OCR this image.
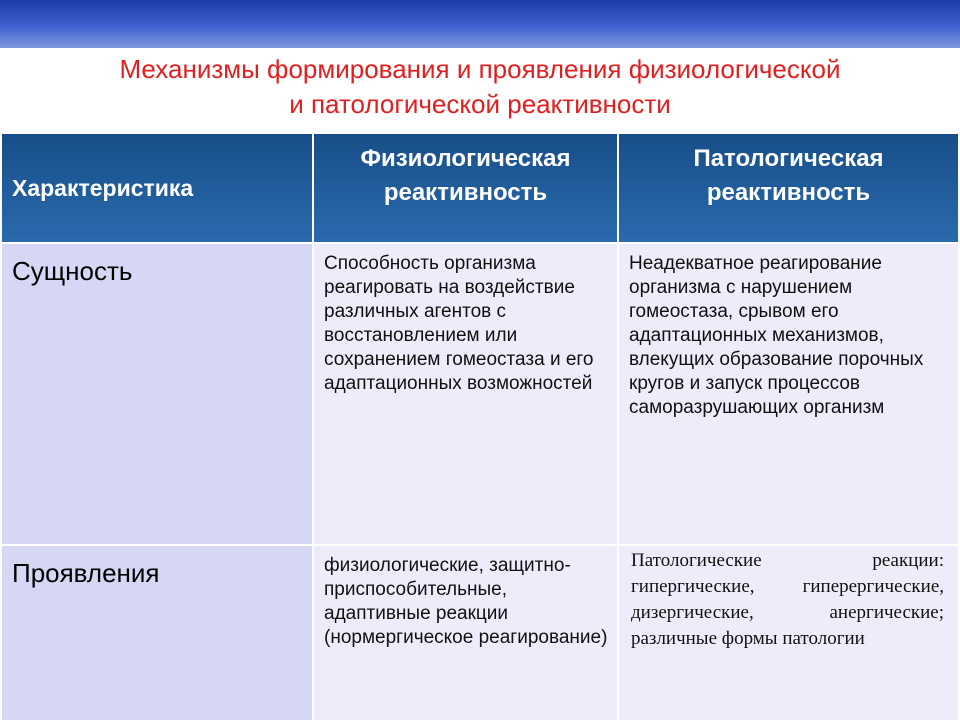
Механизмы формирования и проявления физиологической
и патологической реактивности
Характеристика	Физиологическая реактивность	Патологическая реактивность
Сущность	Способность организма реагировать на воздействие различных агентов с восстановлением или сохранением гомеостаза и его адаптационных возможностей	Неадекватное реагирование организма с нарушением гомеостаза, срывом его адаптационных механизмов, влекущих образование порочных кругов и запуск процессов саморазрушающих организм

Проявления	физиологические, защитно-приспособительные, адаптивные реакции (нормергическое реагирование)	Патологические реакции: гипергические, гиперергические, дизергические, анергические; различные формы патологии
